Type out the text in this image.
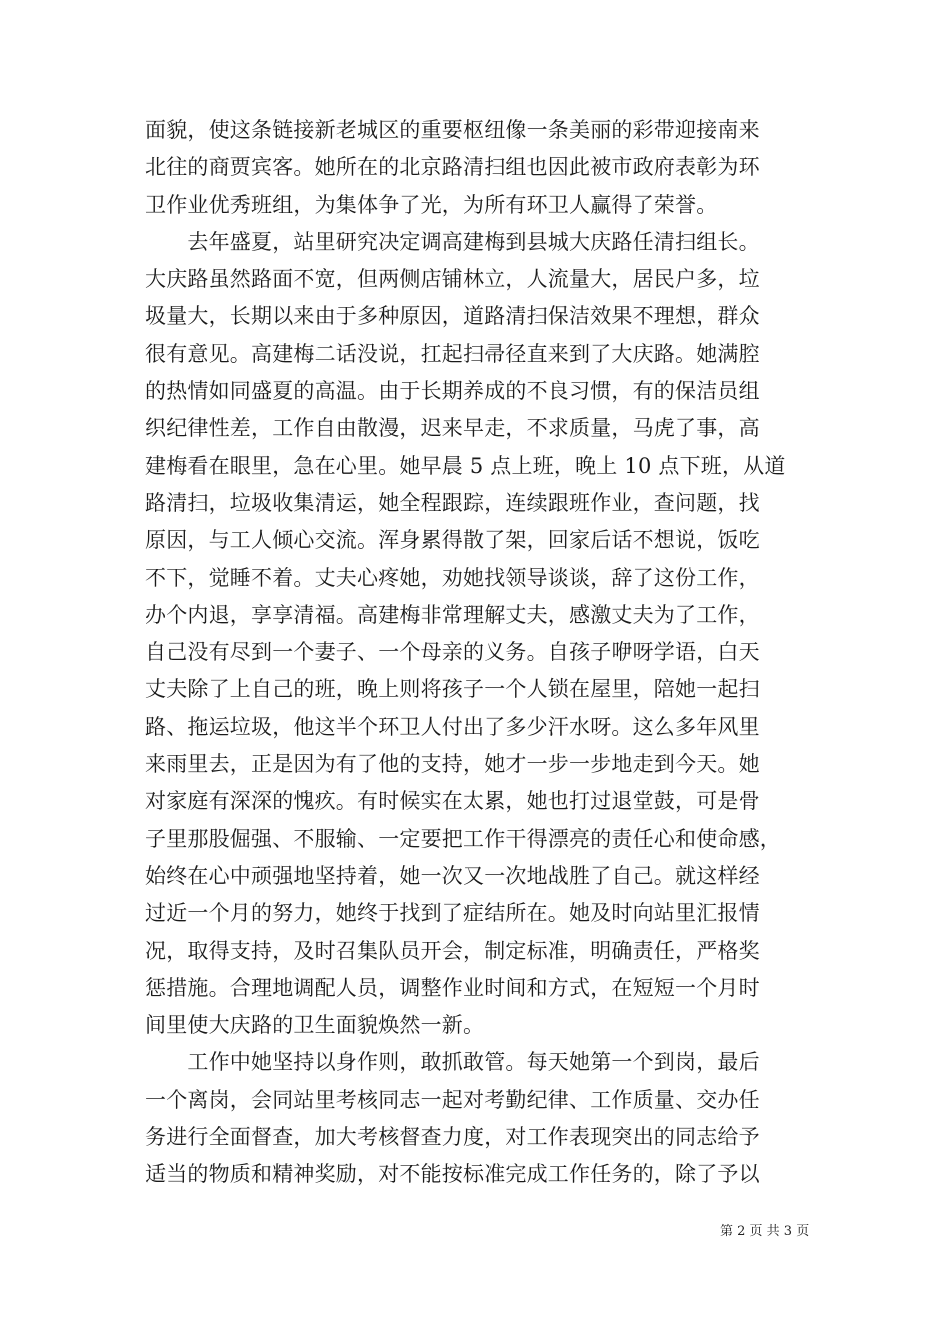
面貌，使这条链接新老城区的重要枢纽像一条美丽的彩带迎接南来
北往的商贾宾客。她所在的北京路清扫组也因此被市政府表彰为环
卫作业优秀班组，为集体争了光，为所有环卫人赢得了荣誉。
　　去年盛夏，站里研究决定调高建梅到县城大庆路任清扫组长。
大庆路虽然路面不宽，但两侧店铺林立，人流量大，居民户多，垃
圾量大，长期以来由于多种原因，道路清扫保洁效果不理想，群众
很有意见。高建梅二话没说，扛起扫帚径直来到了大庆路。她满腔
的热情如同盛夏的高温。由于长期养成的不良习惯，有的保洁员组
织纪律性差，工作自由散漫，迟来早走，不求质量，马虎了事，高
建梅看在眼里，急在心里。她早晨 5 点上班，晚上 10 点下班，从道
路清扫，垃圾收集清运，她全程跟踪，连续跟班作业，查问题，找
原因，与工人倾心交流。浑身累得散了架，回家后话不想说，饭吃
不下，觉睡不着。丈夫心疼她，劝她找领导谈谈，辞了这份工作，
办个内退，享享清福。高建梅非常理解丈夫，感激丈夫为了工作，
自己没有尽到一个妻子、一个母亲的义务。自孩子咿呀学语，白天
丈夫除了上自己的班，晚上则将孩子一个人锁在屋里，陪她一起扫
路、拖运垃圾，他这半个环卫人付出了多少汗水呀。这么多年风里
来雨里去，正是因为有了他的支持，她才一步一步地走到今天。她
对家庭有深深的愧疚。有时候实在太累，她也打过退堂鼓，可是骨
子里那股倔强、不服输、一定要把工作干得漂亮的责任心和使命感，
始终在心中顽强地坚持着，她一次又一次地战胜了自己。就这样经
过近一个月的努力，她终于找到了症结所在。她及时向站里汇报情
况，取得支持，及时召集队员开会，制定标准，明确责任，严格奖
惩措施。合理地调配人员，调整作业时间和方式，在短短一个月时
间里使大庆路的卫生面貌焕然一新。
　　工作中她坚持以身作则，敢抓敢管。每天她第一个到岗，最后
一个离岗，会同站里考核同志一起对考勤纪律、工作质量、交办任
务进行全面督查，加大考核督查力度，对工作表现突出的同志给予
适当的物质和精神奖励，对不能按标准完成工作任务的，除了予以
第 2 页 共 3 页
